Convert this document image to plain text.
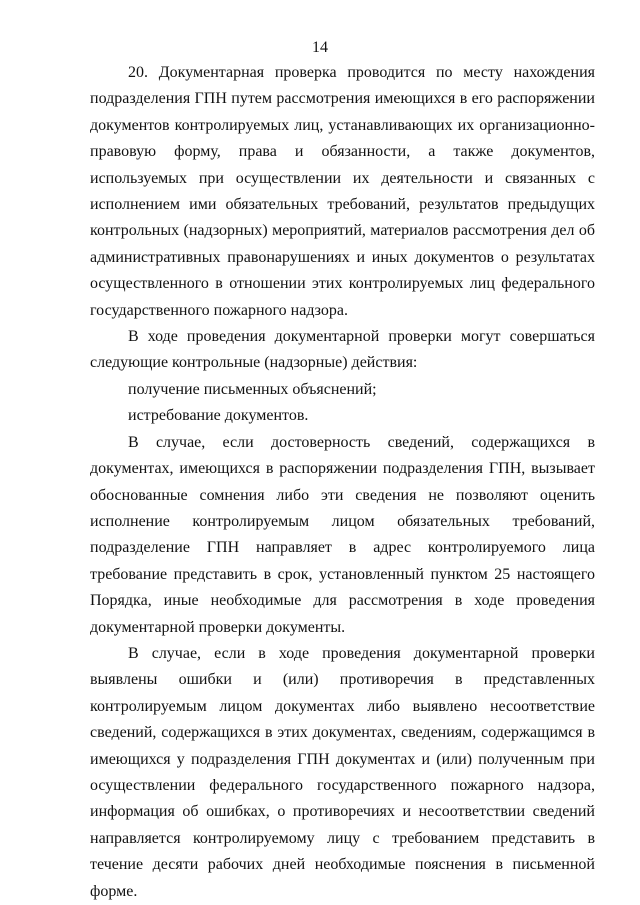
14

20. Документарная проверка проводится по месту нахождения подразделения ГПН путем рассмотрения имеющихся в его распоряжении документов контролируемых лиц, устанавливающих их организационно-правовую форму, права и обязанности, а также документов, используемых при осуществлении их деятельности и связанных с исполнением ими обязательных требований, результатов предыдущих контрольных (надзорных) мероприятий, материалов рассмотрения дел об административных правонарушениях и иных документов о результатах осуществленного в отношении этих контролируемых лиц федерального государственного пожарного надзора.

В ходе проведения документарной проверки могут совершаться следующие контрольные (надзорные) действия:

получение письменных объяснений;

истребование документов.

В случае, если достоверность сведений, содержащихся в документах, имеющихся в распоряжении подразделения ГПН, вызывает обоснованные сомнения либо эти сведения не позволяют оценить исполнение контролируемым лицом обязательных требований, подразделение ГПН направляет в адрес контролируемого лица требование представить в срок, установленный пунктом 25 настоящего Порядка, иные необходимые для рассмотрения в ходе проведения документарной проверки документы.

В случае, если в ходе проведения документарной проверки выявлены ошибки и (или) противоречия в представленных контролируемым лицом документах либо выявлено несоответствие сведений, содержащихся в этих документах, сведениям, содержащимся в имеющихся у подразделения ГПН документах и (или) полученным при осуществлении федерального государственного пожарного надзора, информация об ошибках, о противоречиях и несоответствии сведений направляется контролируемому лицу с требованием представить в течение десяти рабочих дней необходимые пояснения в письменной форме.
